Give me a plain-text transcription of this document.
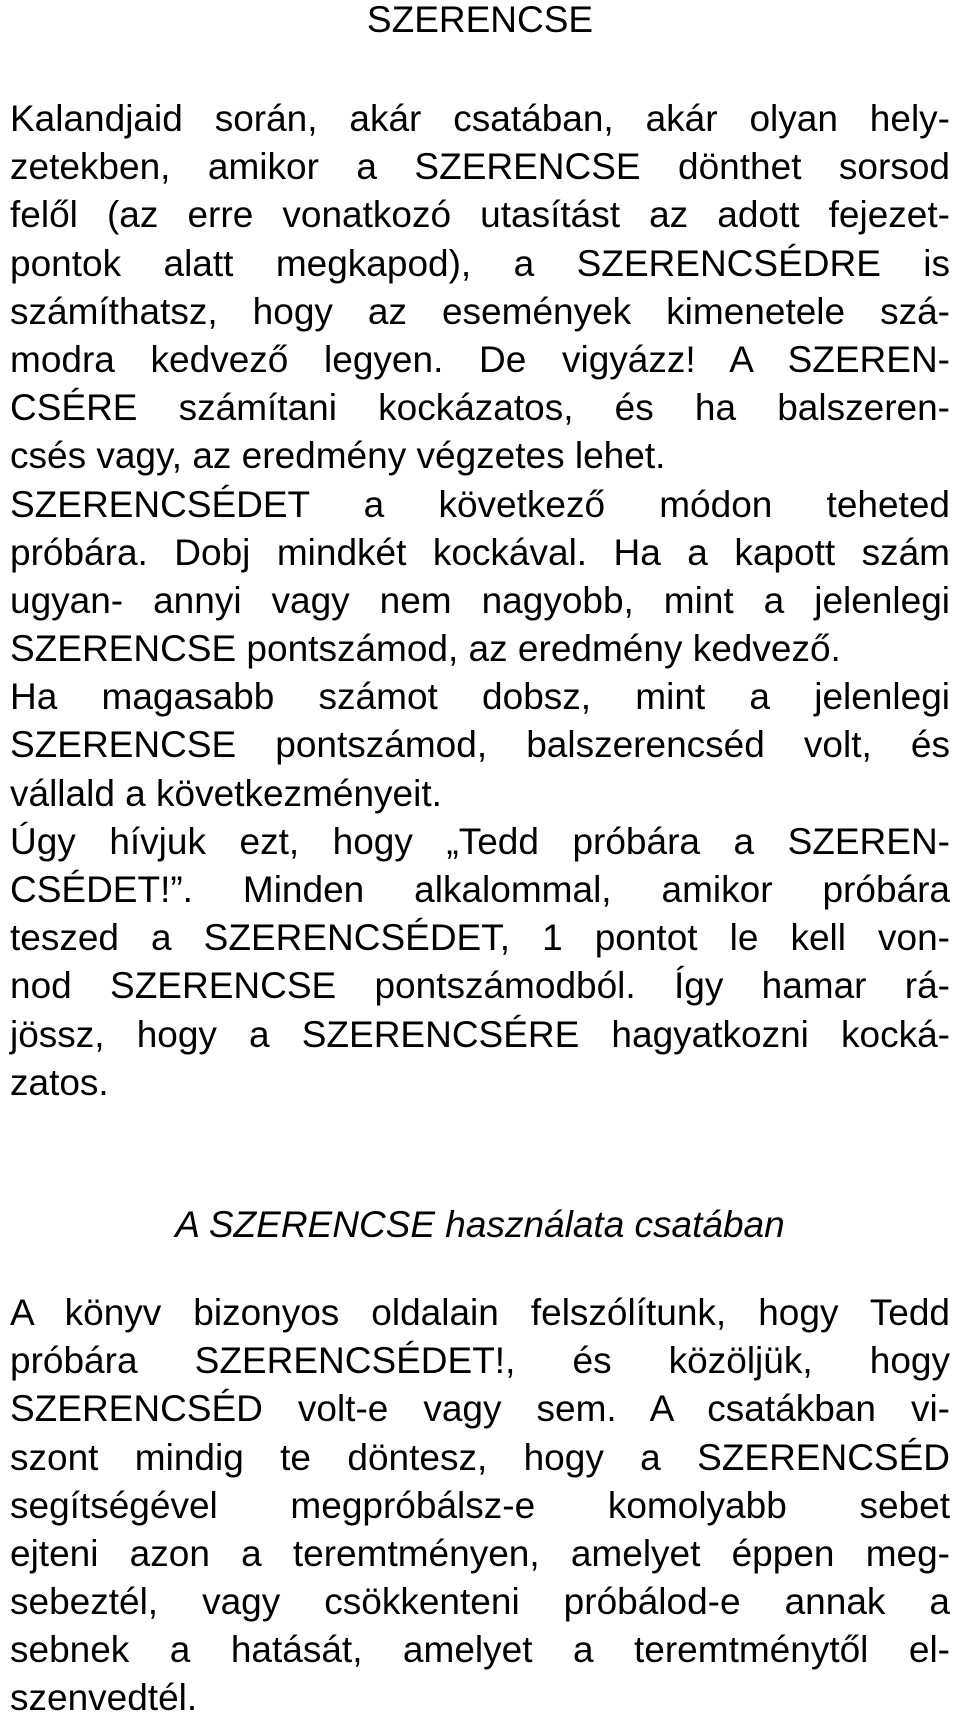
SZERENCSE
Kalandjaid során, akár csatában, akár olyan hely-
zetekben, amikor a SZERENCSE dönthet sorsod
felől (az erre vonatkozó utasítást az adott fejezet-
pontok alatt megkapod), a SZERENCSÉDRE is
számíthatsz, hogy az események kimenetele szá-
modra kedvező legyen. De vigyázz! A SZEREN-
CSÉRE számítani kockázatos, és ha balszeren-
csés vagy, az eredmény végzetes lehet.
SZERENCSÉDET a következő módon teheted
próbára. Dobj mindkét kockával. Ha a kapott szám
ugyan- annyi vagy nem nagyobb, mint a jelenlegi
SZERENCSE pontszámod, az eredmény kedvező.
Ha magasabb számot dobsz, mint a jelenlegi
SZERENCSE pontszámod, balszerencséd volt, és
vállald a következményeit.
Úgy hívjuk ezt, hogy „Tedd próbára a SZEREN-
CSÉDET!”. Minden alkalommal, amikor próbára
teszed a SZERENCSÉDET, 1 pontot le kell von-
nod SZERENCSE pontszámodból. Így hamar rá-
jössz, hogy a SZERENCSÉRE hagyatkozni kocká-
zatos.
A SZERENCSE használata csatában
A könyv bizonyos oldalain felszólítunk, hogy Tedd
próbára SZERENCSÉDET!, és közöljük, hogy
SZERENCSÉD volt-e vagy sem. A csatákban vi-
szont mindig te döntesz, hogy a SZERENCSÉD
segítségével megpróbálsz-e komolyabb sebet
ejteni azon a teremtményen, amelyet éppen meg-
sebeztél, vagy csökkenteni próbálod-e annak a
sebnek a hatását, amelyet a teremtménytől el-
szenvedtél.
